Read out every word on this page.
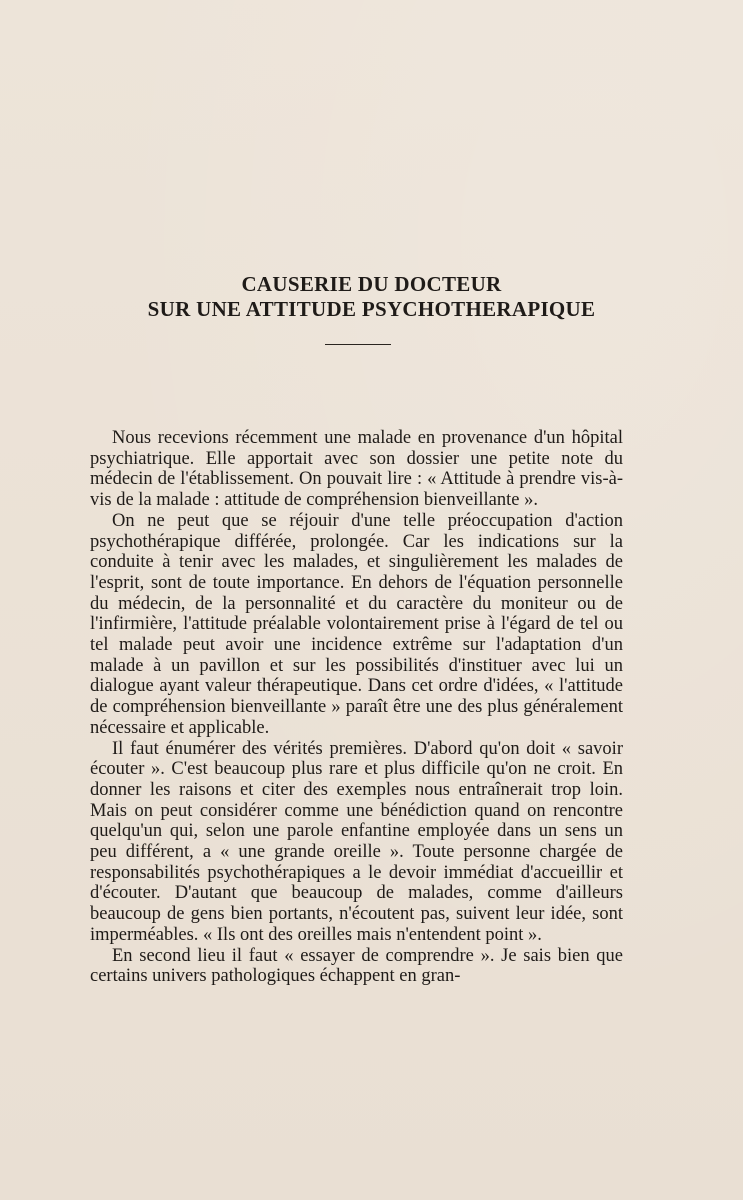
CAUSERIE DU DOCTEUR
SUR UNE ATTITUDE PSYCHOTHERAPIQUE

Nous recevions récemment une malade en provenance d'un hôpital psychiatrique. Elle apportait avec son dossier une petite note du médecin de l'établissement. On pouvait lire : « Attitude à prendre vis-à-vis de la malade : attitude de compréhension bienveillante ».

On ne peut que se réjouir d'une telle préoccupation d'action psychothérapique différée, prolongée. Car les indications sur la conduite à tenir avec les malades, et singulièrement les malades de l'esprit, sont de toute importance. En dehors de l'équation personnelle du médecin, de la personnalité et du caractère du moniteur ou de l'infirmière, l'attitude préalable volontairement prise à l'égard de tel ou tel malade peut avoir une incidence extrême sur l'adaptation d'un malade à un pavillon et sur les possibilités d'instituer avec lui un dialogue ayant valeur thérapeutique. Dans cet ordre d'idées, « l'attitude de compréhension bienveillante » paraît être une des plus généralement nécessaire et applicable.

Il faut énumérer des vérités premières. D'abord qu'on doit « savoir écouter ». C'est beaucoup plus rare et plus difficile qu'on ne croit. En donner les raisons et citer des exemples nous entraînerait trop loin. Mais on peut considérer comme une bénédiction quand on rencontre quelqu'un qui, selon une parole enfantine employée dans un sens un peu différent, a « une grande oreille ». Toute personne chargée de responsabilités psychothérapiques a le devoir immédiat d'accueillir et d'écouter. D'autant que beaucoup de malades, comme d'ailleurs beaucoup de gens bien portants, n'écoutent pas, suivent leur idée, sont imperméables. « Ils ont des oreilles mais n'entendent point ».

En second lieu il faut « essayer de comprendre ». Je sais bien que certains univers pathologiques échappent en gran-
